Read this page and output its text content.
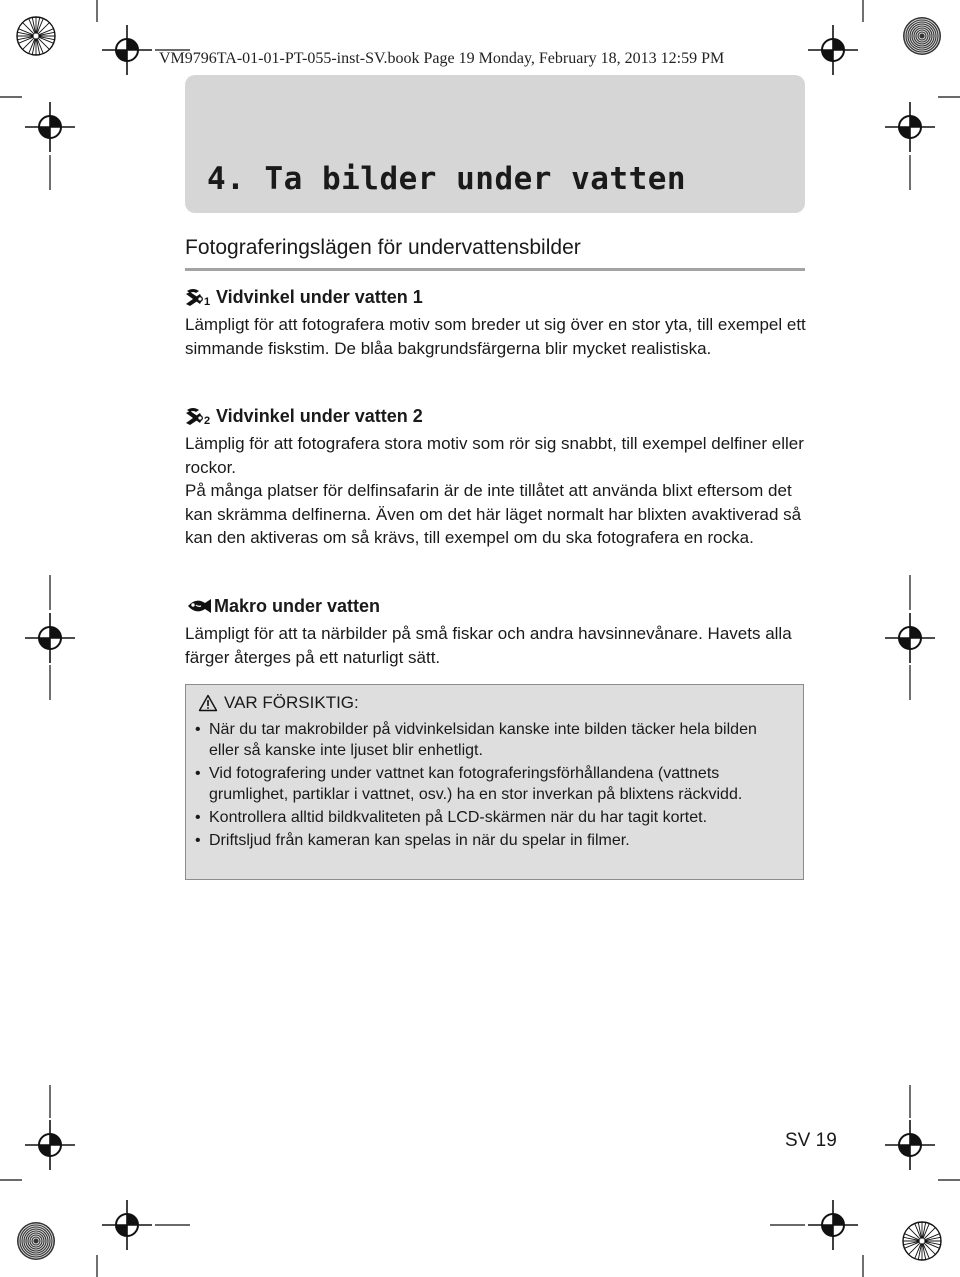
VM9796TA-01-01-PT-055-inst-SV.book Page 19 Monday, February 18, 2013 12:59 PM
4. Ta bilder under vatten
Fotograferingslägen för undervattensbilder
1 Vidvinkel under vatten 1

Lämpligt för att fotografera motiv som breder ut sig över en stor yta, till exempel ett simmande fiskstim. De blåa bakgrundsfärgerna blir mycket realistiska.

2 Vidvinkel under vatten 2

Lämplig för att fotografera stora motiv som rör sig snabbt, till exempel delfiner eller rockor.

På många platser för delfinsafarin är de inte tillåtet att använda blixt eftersom det kan skrämma delfinerna. Även om det här läget normalt har blixten avaktiverad så kan den aktiveras om så krävs, till exempel om du ska fotografera en rocka.

Makro under vatten

Lämpligt för att ta närbilder på små fiskar och andra havsinnevånare. Havets alla färger återges på ett naturligt sätt.

VAR FÖRSIKTIG:
• När du tar makrobilder på vidvinkelsidan kanske inte bilden täcker hela bilden eller så kanske inte ljuset blir enhetligt.
• Vid fotografering under vattnet kan fotograferingsförhållandena (vattnets grumlighet, partiklar i vattnet, osv.) ha en stor inverkan på blixtens räckvidd.
• Kontrollera alltid bildkvaliteten på LCD-skärmen när du har tagit kortet.
• Driftsljud från kameran kan spelas in när du spelar in filmer.
SV 19
